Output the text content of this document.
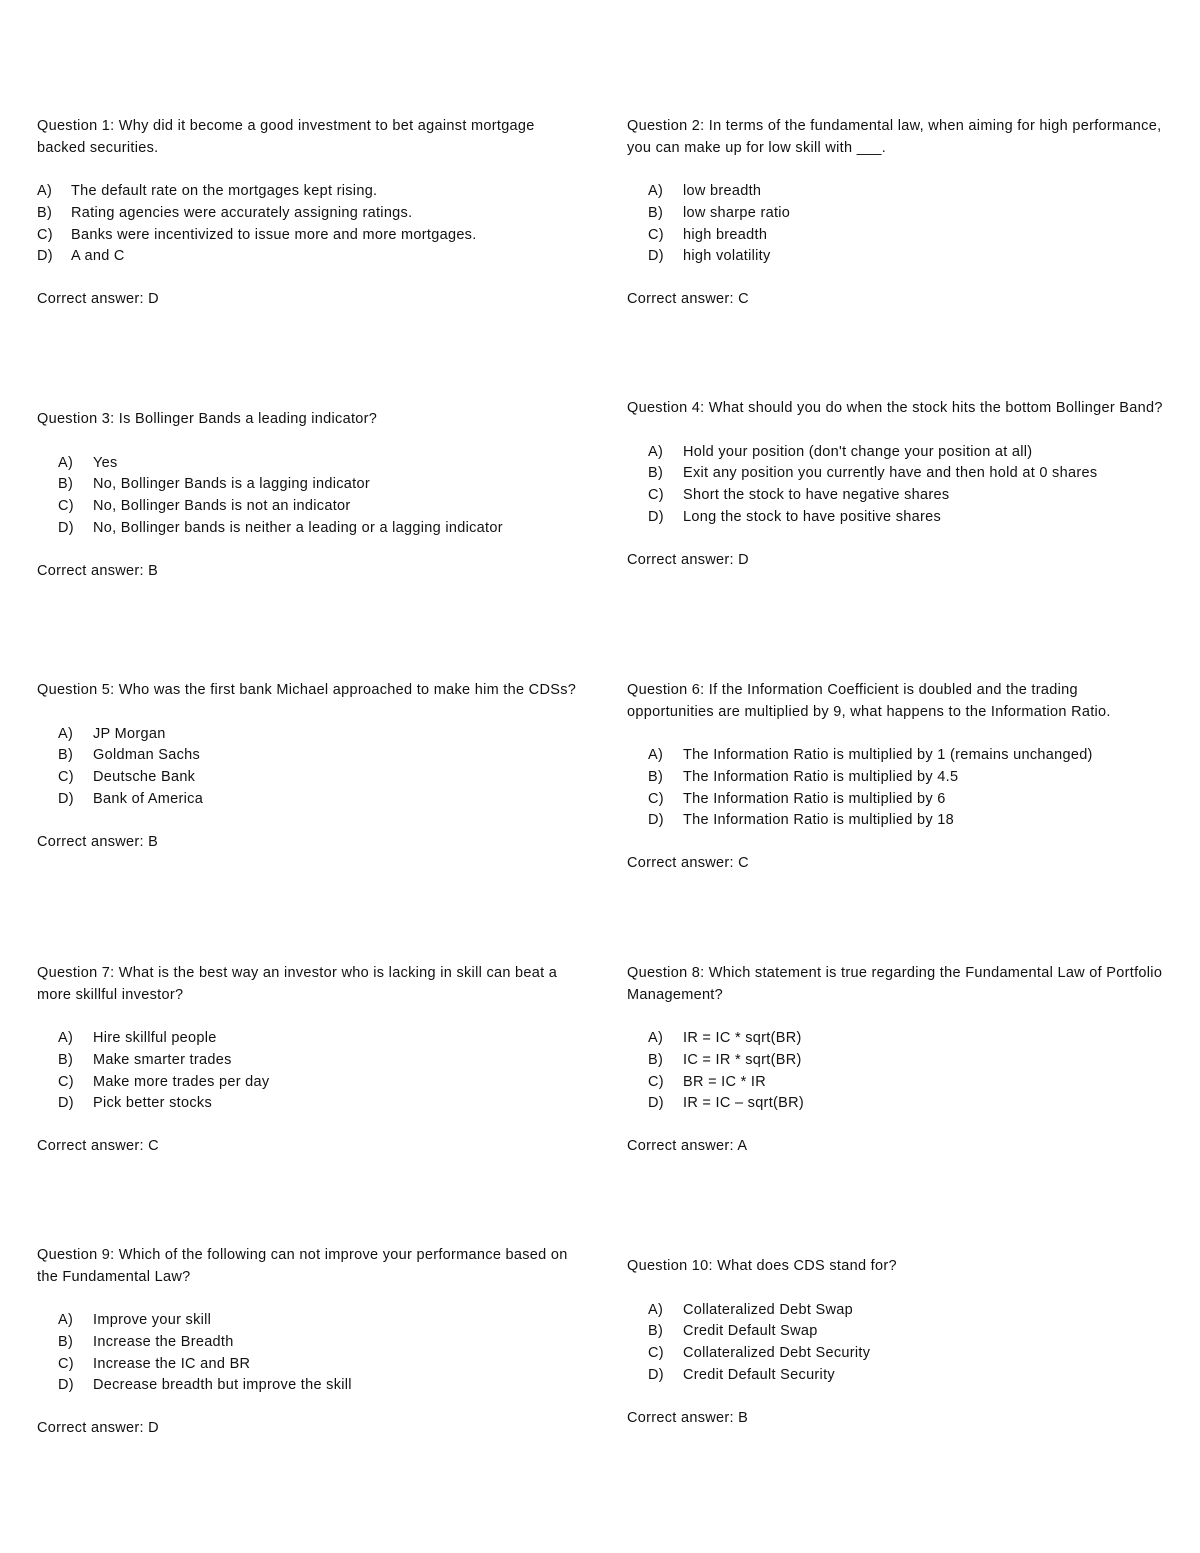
Question 1: Why did it become a good investment to bet against mortgage backed securities.

A)	The default rate on the mortgages kept rising.
B)	Rating agencies were accurately assigning ratings.
C)	Banks were incentivized to issue more and more mortgages.
D)	A and C
Correct answer: D

Question 2: In terms of the fundamental law, when aiming for high performance, you can make up for low skill with ___.

A)	low breadth
B)	low sharpe ratio
C)	high breadth
D)	high volatility
Correct answer: C

Question 3: Is Bollinger Bands a leading indicator?

A)	Yes
B)	No, Bollinger Bands is a lagging indicator
C)	No, Bollinger Bands is not an indicator
D)	No, Bollinger bands is neither a leading or a lagging indicator
Correct answer: B

Question 4: What should you do when the stock hits the bottom Bollinger Band?

A)	Hold your position (don't change your position at all)
B)	Exit any position you currently have and then hold at 0 shares
C)	Short the stock to have negative shares
D)	Long the stock to have positive shares
Correct answer: D

Question 5: Who was the first bank Michael approached to make him the CDSs?

A)	JP Morgan
B)	Goldman Sachs
C)	Deutsche Bank
D)	Bank of America
Correct answer: B

Question 6: If the Information Coefficient is doubled and the trading opportunities are multiplied by 9, what happens to the Information Ratio.

A)	The Information Ratio is multiplied by 1 (remains unchanged)
B)	The Information Ratio is multiplied by 4.5
C)	The Information Ratio is multiplied by 6
D)	The Information Ratio is multiplied by 18
Correct answer: C

Question 7: What is the best way an investor who is lacking in skill can beat a more skillful investor?

A)	Hire skillful people
B)	Make smarter trades
C)	Make more trades per day
D)	Pick better stocks
Correct answer: C

Question 8: Which statement is true regarding the Fundamental Law of Portfolio Management?

A)	IR = IC * sqrt(BR)
B)	IC = IR * sqrt(BR)
C)	BR = IC * IR
D)	IR = IC – sqrt(BR)
Correct answer: A

Question 9: Which of the following can not improve your performance based on the Fundamental Law?

A)	Improve your skill
B)	Increase the Breadth
C)	Increase the IC and BR
D)	Decrease breadth but improve the skill
Correct answer: D

Question 10: What does CDS stand for?

A)	Collateralized Debt Swap
B)	Credit Default Swap
C)	Collateralized Debt Security
D)	Credit Default Security
Correct answer: B
